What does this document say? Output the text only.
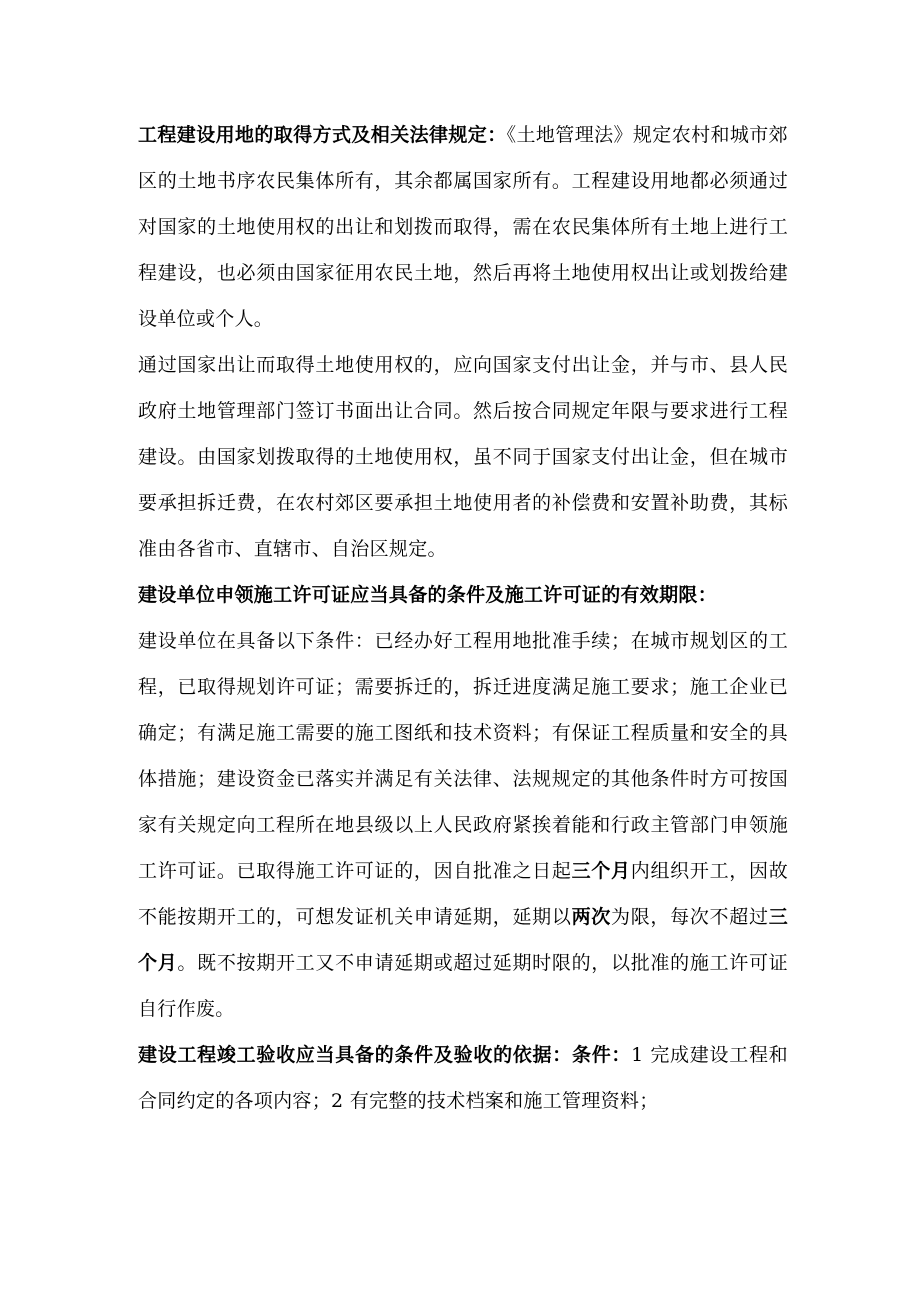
工程建设用地的取得方式及相关法律规定：《土地管理法》规定农村和城市郊区的土地书序农民集体所有，其余都属国家所有。工程建设用地都必须通过对国家的土地使用权的出让和划拨而取得，需在农民集体所有土地上进行工程建设，也必须由国家征用农民土地，然后再将土地使用权出让或划拨给建设单位或个人。

通过国家出让而取得土地使用权的，应向国家支付出让金，并与市、县人民政府土地管理部门签订书面出让合同。然后按合同规定年限与要求进行工程建设。由国家划拨取得的土地使用权，虽不同于国家支付出让金，但在城市要承担拆迁费，在农村郊区要承担土地使用者的补偿费和安置补助费，其标准由各省市、直辖市、自治区规定。

建设单位申领施工许可证应当具备的条件及施工许可证的有效期限：

建设单位在具备以下条件：已经办好工程用地批准手续；在城市规划区的工程，已取得规划许可证；需要拆迁的，拆迁进度满足施工要求；施工企业已确定；有满足施工需要的施工图纸和技术资料；有保证工程质量和安全的具体措施；建设资金已落实并满足有关法律、法规规定的其他条件时方可按国家有关规定向工程所在地县级以上人民政府紧挨着能和行政主管部门申领施工许可证。已取得施工许可证的，因自批准之日起三个月内组织开工，因故不能按期开工的，可想发证机关申请延期，延期以两次为限，每次不超过三个月。既不按期开工又不申请延期或超过延期时限的，以批准的施工许可证自行作废。

建设工程竣工验收应当具备的条件及验收的依据：条件：1 完成建设工程和合同约定的各项内容；2 有完整的技术档案和施工管理资料；
